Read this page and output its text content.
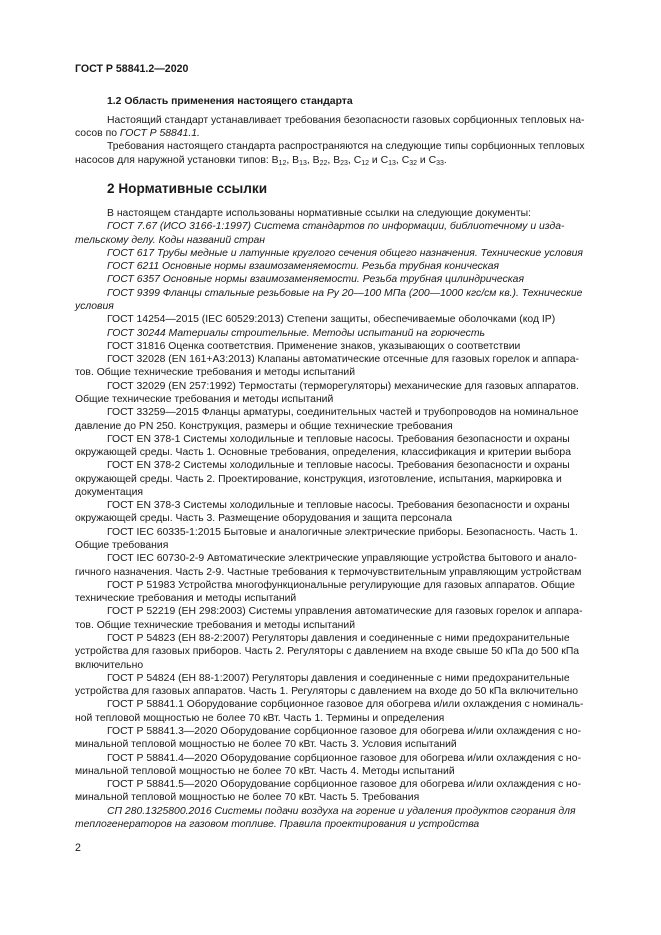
ГОСТ Р 58841.2—2020
1.2 Область применения настоящего стандарта
Настоящий стандарт устанавливает требования безопасности газовых сорбционных тепловых на-
сосов по ГОСТ Р 58841.1.
Требования настоящего стандарта распространяются на следующие типы сорбционных тепловых
насосов для наружной установки типов: $B_{12}$, $B_{13}$, $B_{22}$, $B_{23}$, $C_{12}$ и $C_{13}$, $C_{32}$ и $C_{33}$.
2 Нормативные ссылки
В настоящем стандарте использованы нормативные ссылки на следующие документы:
ГОСТ 7.67 (ИСО 3166-1:1997) Система стандартов по информации, библиотечному и изда-
тельскому делу. Коды названий стран
ГОСТ 617 Трубы медные и латунные круглого сечения общего назначения. Технические условия
ГОСТ 6211 Основные нормы взаимозаменяемости. Резьба трубная коническая
ГОСТ 6357 Основные нормы взаимозаменяемости. Резьба трубная цилиндрическая
ГОСТ 9399 Фланцы стальные резьбовые на Py 20—100 МПа (200—1000 кгс/см кв.). Технические
условия
ГОСТ 14254—2015 (IEC 60529:2013) Степени защиты, обеспечиваемые оболочками (код IP)
ГОСТ 30244 Материалы строительные. Методы испытаний на горючесть
ГОСТ 31816 Оценка соответствия. Применение знаков, указывающих о соответствии
ГОСТ 32028 (EN 161+A3:2013) Клапаны автоматические отсечные для газовых горелок и аппара-
тов. Общие технические требования и методы испытаний
ГОСТ 32029 (EN 257:1992) Термостаты (терморегуляторы) механические для газовых аппаратов.
Общие технические требования и методы испытаний
ГОСТ 33259—2015 Фланцы арматуры, соединительных частей и трубопроводов на номинальное
давление до PN 250. Конструкция, размеры и общие технические требования
ГОСТ EN 378-1 Системы холодильные и тепловые насосы. Требования безопасности и охраны
окружающей среды. Часть 1. Основные требования, определения, классификация и критерии выбора
ГОСТ EN 378-2 Системы холодильные и тепловые насосы. Требования безопасности и охраны
окружающей среды. Часть 2. Проектирование, конструкция, изготовление, испытания, маркировка и
документация
ГОСТ EN 378-3 Системы холодильные и тепловые насосы. Требования безопасности и охраны
окружающей среды. Часть 3. Размещение оборудования и защита персонала
ГОСТ IEC 60335-1:2015 Бытовые и аналогичные электрические приборы. Безопасность. Часть 1.
Общие требования
ГОСТ IEC 60730-2-9 Автоматические электрические управляющие устройства бытового и анало-
гичного назначения. Часть 2-9. Частные требования к термочувствительным управляющим устройствам
ГОСТ Р 51983 Устройства многофункциональные регулирующие для газовых аппаратов. Общие
технические требования и методы испытаний
ГОСТ Р 52219 (ЕН 298:2003) Системы управления автоматические для газовых горелок и аппара-
тов. Общие технические требования и методы испытаний
ГОСТ Р 54823 (ЕН 88-2:2007) Регуляторы давления и соединенные с ними предохранительные
устройства для газовых приборов. Часть 2. Регуляторы с давлением на входе свыше 50 кПа до 500 кПа
включительно
ГОСТ Р 54824 (ЕН 88-1:2007) Регуляторы давления и соединенные с ними предохранительные
устройства для газовых аппаратов. Часть 1. Регуляторы с давлением на входе до 50 кПа включительно
ГОСТ Р 58841.1 Оборудование сорбционное газовое для обогрева и/или охлаждения с номиналь-
ной тепловой мощностью не более 70 кВт. Часть 1. Термины и определения
ГОСТ Р 58841.3—2020 Оборудование сорбционное газовое для обогрева и/или охлаждения с но-
минальной тепловой мощностью не более 70 кВт. Часть 3. Условия испытаний
ГОСТ Р 58841.4—2020 Оборудование сорбционное газовое для обогрева и/или охлаждения с но-
минальной тепловой мощностью не более 70 кВт. Часть 4. Методы испытаний
ГОСТ Р 58841.5—2020 Оборудование сорбционное газовое для обогрева и/или охлаждения с но-
минальной тепловой мощностью не более 70 кВт. Часть 5. Требования
СП 280.1325800.2016 Системы подачи воздуха на горение и удаления продуктов сгорания для
теплогенераторов на газовом топливе. Правила проектирования и устройства
2
